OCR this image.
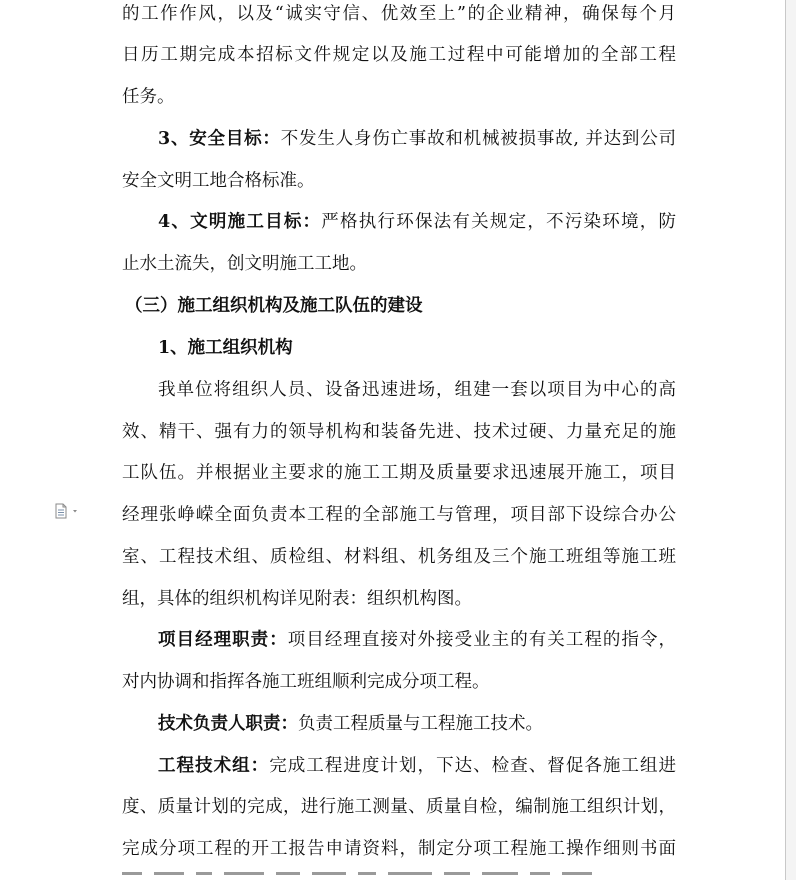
的工作作风，以及“诚实守信、优效至上”的企业精神，确保每个月
日历工期完成本招标文件规定以及施工过程中可能增加的全部工程
任务。
3、安全目标：不发生人身伤亡事故和机械被损事故, 并达到公司
安全文明工地合格标准。
4、文明施工目标：严格执行环保法有关规定，不污染环境，防
止水土流失，创文明施工工地。
（三）施工组织机构及施工队伍的建设
1、施工组织机构
我单位将组织人员、设备迅速进场，组建一套以项目为中心的高
效、精干、强有力的领导机构和装备先进、技术过硬、力量充足的施
工队伍。并根据业主要求的施工工期及质量要求迅速展开施工，项目
经理张峥嵘全面负责本工程的全部施工与管理，项目部下设综合办公
室、工程技术组、质检组、材料组、机务组及三个施工班组等施工班
组，具体的组织机构详见附表：组织机构图。
项目经理职责：项目经理直接对外接受业主的有关工程的指令，
对内协调和指挥各施工班组顺利完成分项工程。
技术负责人职责：负责工程质量与工程施工技术。
工程技术组：完成工程进度计划，下达、检查、督促各施工组进
度、质量计划的完成，进行施工测量、质量自检，编制施工组织计划，
完成分项工程的开工报告申请资料，制定分项工程施工操作细则书面
